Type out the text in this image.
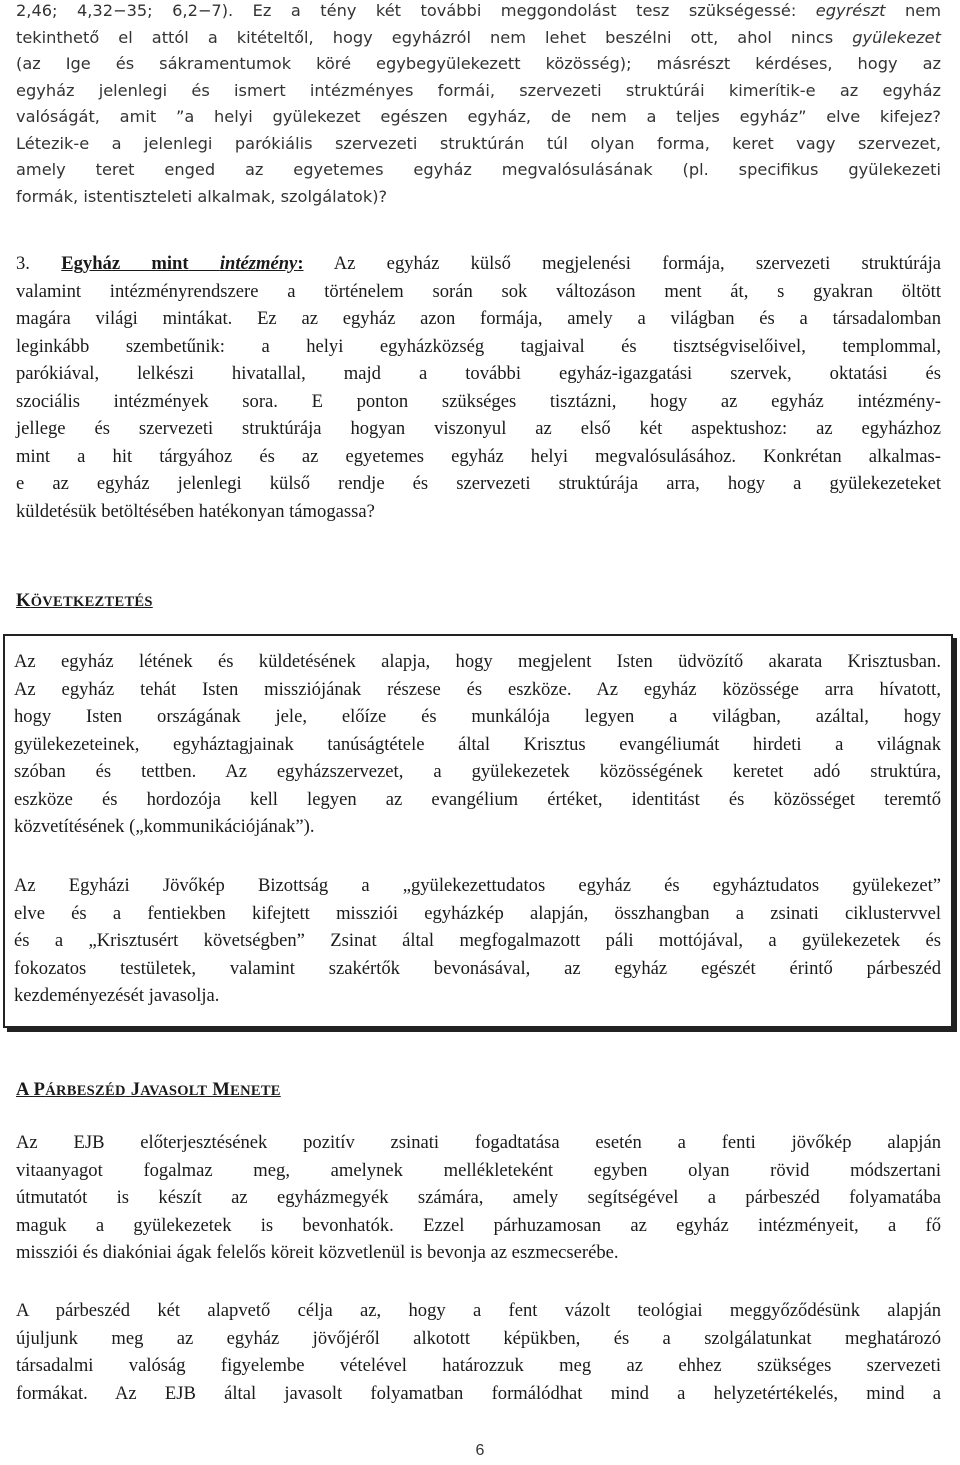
2,46; 4,32−35; 6,2−7). Ez a tény két további meggondolást tesz szükségessé: egyrészt nem
tekinthető el attól a kitételtől, hogy egyházról nem lehet beszélni ott, ahol nincs gyülekezet
(az Ige és sákramentumok köré egybegyülekezett közösség); másrészt kérdéses, hogy az
egyház jelenlegi és ismert intézményes formái, szervezeti struktúrái kimerítik-e az egyház
valóságát, amit ”a helyi gyülekezet egészen egyház, de nem a teljes egyház” elve kifejez?
Létezik-e a jelenlegi parókiális szervezeti struktúrán túl olyan forma, keret vagy szervezet,
amely teret enged az egyetemes egyház megvalósulásának (pl. specifikus gyülekezeti
formák, istentiszteleti alkalmak, szolgálatok)?
3. Egyház mint intézmény: Az egyház külső megjelenési formája, szervezeti struktúrája
valamint intézményrendszere a történelem során sok változáson ment át, s gyakran öltött
magára világi mintákat. Ez az egyház azon formája, amely a világban és a társadalomban
leginkább szembetűnik: a helyi egyházközség tagjaival és tisztségviselőivel, templommal,
parókiával, lelkészi hivatallal, majd a további egyház-igazgatási szervek, oktatási és
szociális intézmények sora. E ponton szükséges tisztázni, hogy az egyház intézmény-
jellege és szervezeti struktúrája hogyan viszonyul az első két aspektushoz: az egyházhoz
mint a hit tárgyához és az egyetemes egyház helyi megvalósulásához. Konkrétan alkalmas-
e az egyház jelenlegi külső rendje és szervezeti struktúrája arra, hogy a gyülekezeteket
küldetésük betöltésében hatékonyan támogassa?
KÖVETKEZTETÉS
Az egyház létének és küldetésének alapja, hogy megjelent Isten üdvözítő akarata Krisztusban.
Az egyház tehát Isten missziójának részese és eszköze. Az egyház közössége arra hívatott,
hogy Isten országának jele, előíze és munkálója legyen a világban, azáltal, hogy
gyülekezeteinek, egyháztagjainak tanúságtétele által Krisztus evangéliumát hirdeti a világnak
szóban és tettben. Az egyházszervezet, a gyülekezetek közösségének keretet adó struktúra,
eszköze és hordozója kell legyen az evangélium értéket, identitást és közösséget teremtő
közvetítésének („kommunikációjának”).
Az Egyházi Jövőkép Bizottság a „gyülekezettudatos egyház és egyháztudatos gyülekezet”
elve és a fentiekben kifejtett missziói egyházkép alapján, összhangban a zsinati ciklustervvel
és a „Krisztusért követségben” Zsinat által megfogalmazott páli mottójával, a gyülekezetek és
fokozatos testületek, valamint szakértők bevonásával, az egyház egészét érintő párbeszéd
kezdeményezését javasolja.
A PÁRBESZÉD JAVASOLT MENETE
Az EJB előterjesztésének pozitív zsinati fogadtatása esetén a fenti jövőkép alapján
vitaanyagot fogalmaz meg, amelynek mellékleteként egyben olyan rövid módszertani
útmutatót is készít az egyházmegyék számára, amely segítségével a párbeszéd folyamatába
maguk a gyülekezetek is bevonhatók. Ezzel párhuzamosan az egyház intézményeit, a fő
missziói és diakóniai ágak felelős köreit közvetlenül is bevonja az eszmecserébe.
A párbeszéd két alapvető célja az, hogy a fent vázolt teológiai meggyőződésünk alapján
újuljunk meg az egyház jövőjéről alkotott képükben, és a szolgálatunkat meghatározó
társadalmi valóság figyelembe vételével határozzuk meg az ehhez szükséges szervezeti
formákat. Az EJB által javasolt folyamatban formálódhat mind a helyzetértékelés, mind a
6
